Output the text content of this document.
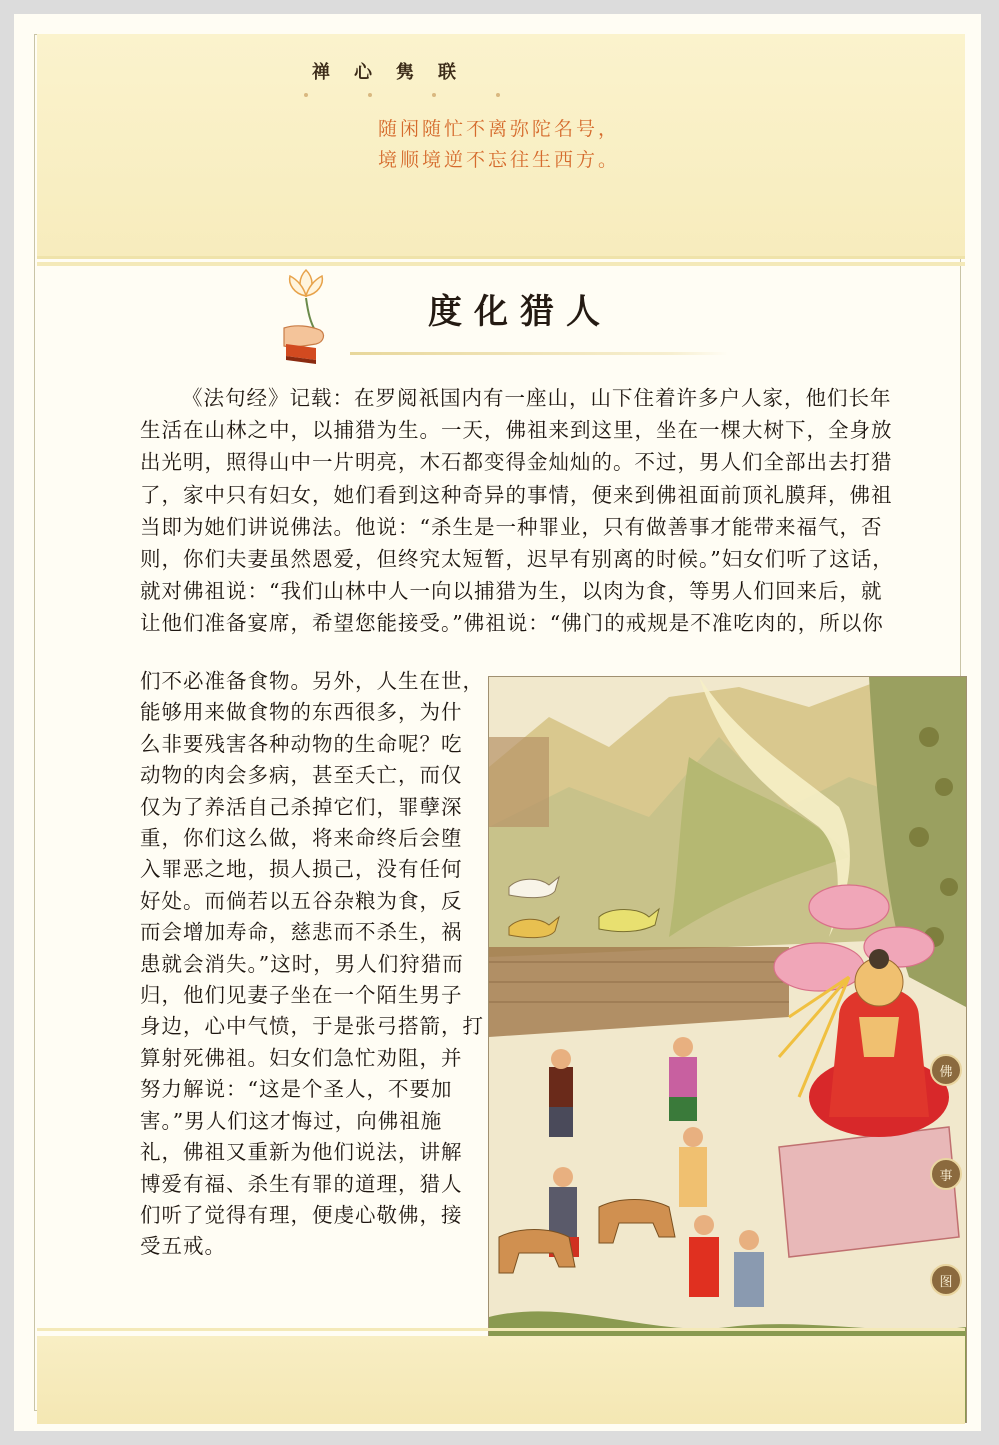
禅心隽联
随闲随忙不离弥陀名号，
境顺境逆不忘往生西方。
度化猎人
《法句经》记载：在罗阅祇国内有一座山，山下住着许多户人家，他们长年
生活在山林之中，以捕猎为生。一天，佛祖来到这里，坐在一棵大树下，全身放
出光明，照得山中一片明亮，木石都变得金灿灿的。不过，男人们全部出去打猎
了，家中只有妇女，她们看到这种奇异的事情，便来到佛祖面前顶礼膜拜，佛祖
当即为她们讲说佛法。他说：“杀生是一种罪业，只有做善事才能带来福气，否
则，你们夫妻虽然恩爱，但终究太短暂，迟早有别离的时候。”妇女们听了这话，
就对佛祖说：“我们山林中人一向以捕猎为生，以肉为食，等男人们回来后，就
让他们准备宴席，希望您能接受。”佛祖说：“佛门的戒规是不准吃肉的，所以你
们不必准备食物。另外，人生在世，
能够用来做食物的东西很多，为什
么非要残害各种动物的生命呢？吃
动物的肉会多病，甚至夭亡，而仅
仅为了养活自己杀掉它们，罪孽深
重，你们这么做，将来命终后会堕
入罪恶之地，损人损己，没有任何
好处。而倘若以五谷杂粮为食，反
而会增加寿命，慈悲而不杀生，祸
患就会消失。”这时，男人们狩猎而
归，他们见妻子坐在一个陌生男子
身边，心中气愤，于是张弓搭箭，打
算射死佛祖。妇女们急忙劝阻，并
努力解说：“这是个圣人，不要加
害。”男人们这才悔过，向佛祖施
礼，佛祖又重新为他们说法，讲解
博爱有福、杀生有罪的道理，猎人
们听了觉得有理，便虔心敬佛，接
受五戒。
佛
事
图
